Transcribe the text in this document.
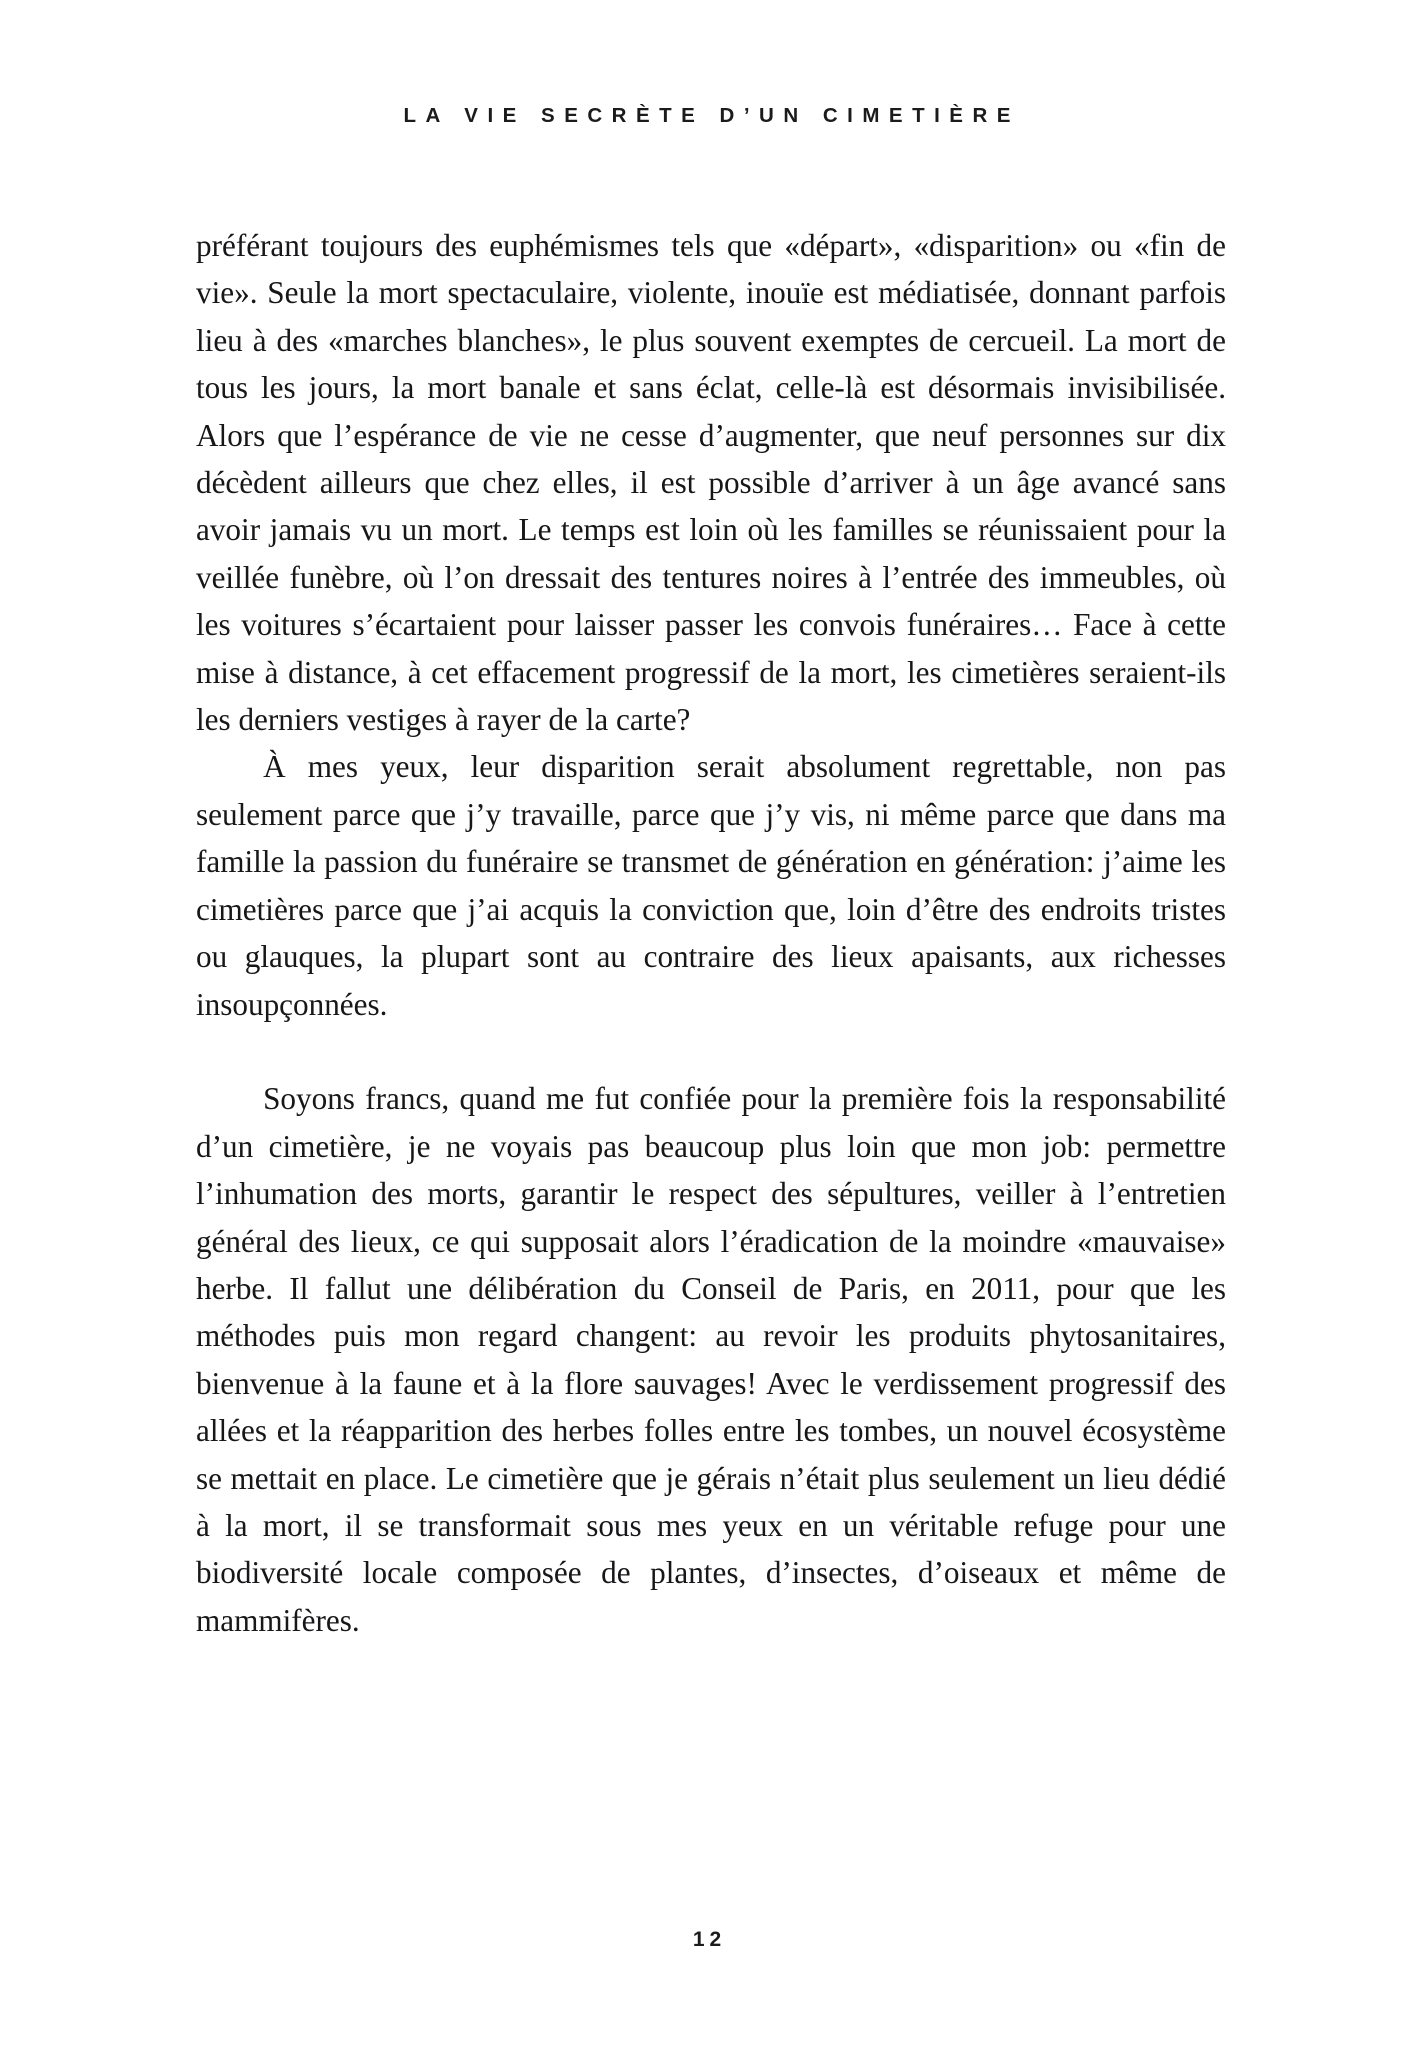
LA VIE SECRÈTE D’UN CIMETIÈRE

préférant toujours des euphémismes tels que «départ», «disparition» ou «fin de vie». Seule la mort spectaculaire, violente, inouïe est médiatisée, donnant parfois lieu à des «marches blanches», le plus souvent exemptes de cercueil. La mort de tous les jours, la mort banale et sans éclat, celle-là est désormais invisibilisée. Alors que l’espérance de vie ne cesse d’augmenter, que neuf personnes sur dix décèdent ailleurs que chez elles, il est possible d’arriver à un âge avancé sans avoir jamais vu un mort. Le temps est loin où les familles se réunissaient pour la veillée funèbre, où l’on dressait des tentures noires à l’entrée des immeubles, où les voitures s’écartaient pour laisser passer les convois funéraires… Face à cette mise à distance, à cet effacement progressif de la mort, les cimetières seraient-ils les derniers vestiges à rayer de la carte?

À mes yeux, leur disparition serait absolument regrettable, non pas seulement parce que j’y travaille, parce que j’y vis, ni même parce que dans ma famille la passion du funéraire se transmet de génération en génération: j’aime les cimetières parce que j’ai acquis la conviction que, loin d’être des endroits tristes ou glauques, la plupart sont au contraire des lieux apaisants, aux richesses insoupçonnées.

Soyons francs, quand me fut confiée pour la première fois la responsabilité d’un cimetière, je ne voyais pas beaucoup plus loin que mon job: permettre l’inhumation des morts, garantir le respect des sépultures, veiller à l’entretien général des lieux, ce qui supposait alors l’éradication de la moindre «mauvaise» herbe. Il fallut une délibération du Conseil de Paris, en 2011, pour que les méthodes puis mon regard changent: au revoir les produits phytosanitaires, bienvenue à la faune et à la flore sauvages! Avec le verdissement progressif des allées et la réapparition des herbes folles entre les tombes, un nouvel écosystème se mettait en place. Le cimetière que je gérais n’était plus seulement un lieu dédié à la mort, il se transformait sous mes yeux en un véritable refuge pour une biodiversité locale composée de plantes, d’insectes, d’oiseaux et même de mammifères.

12
